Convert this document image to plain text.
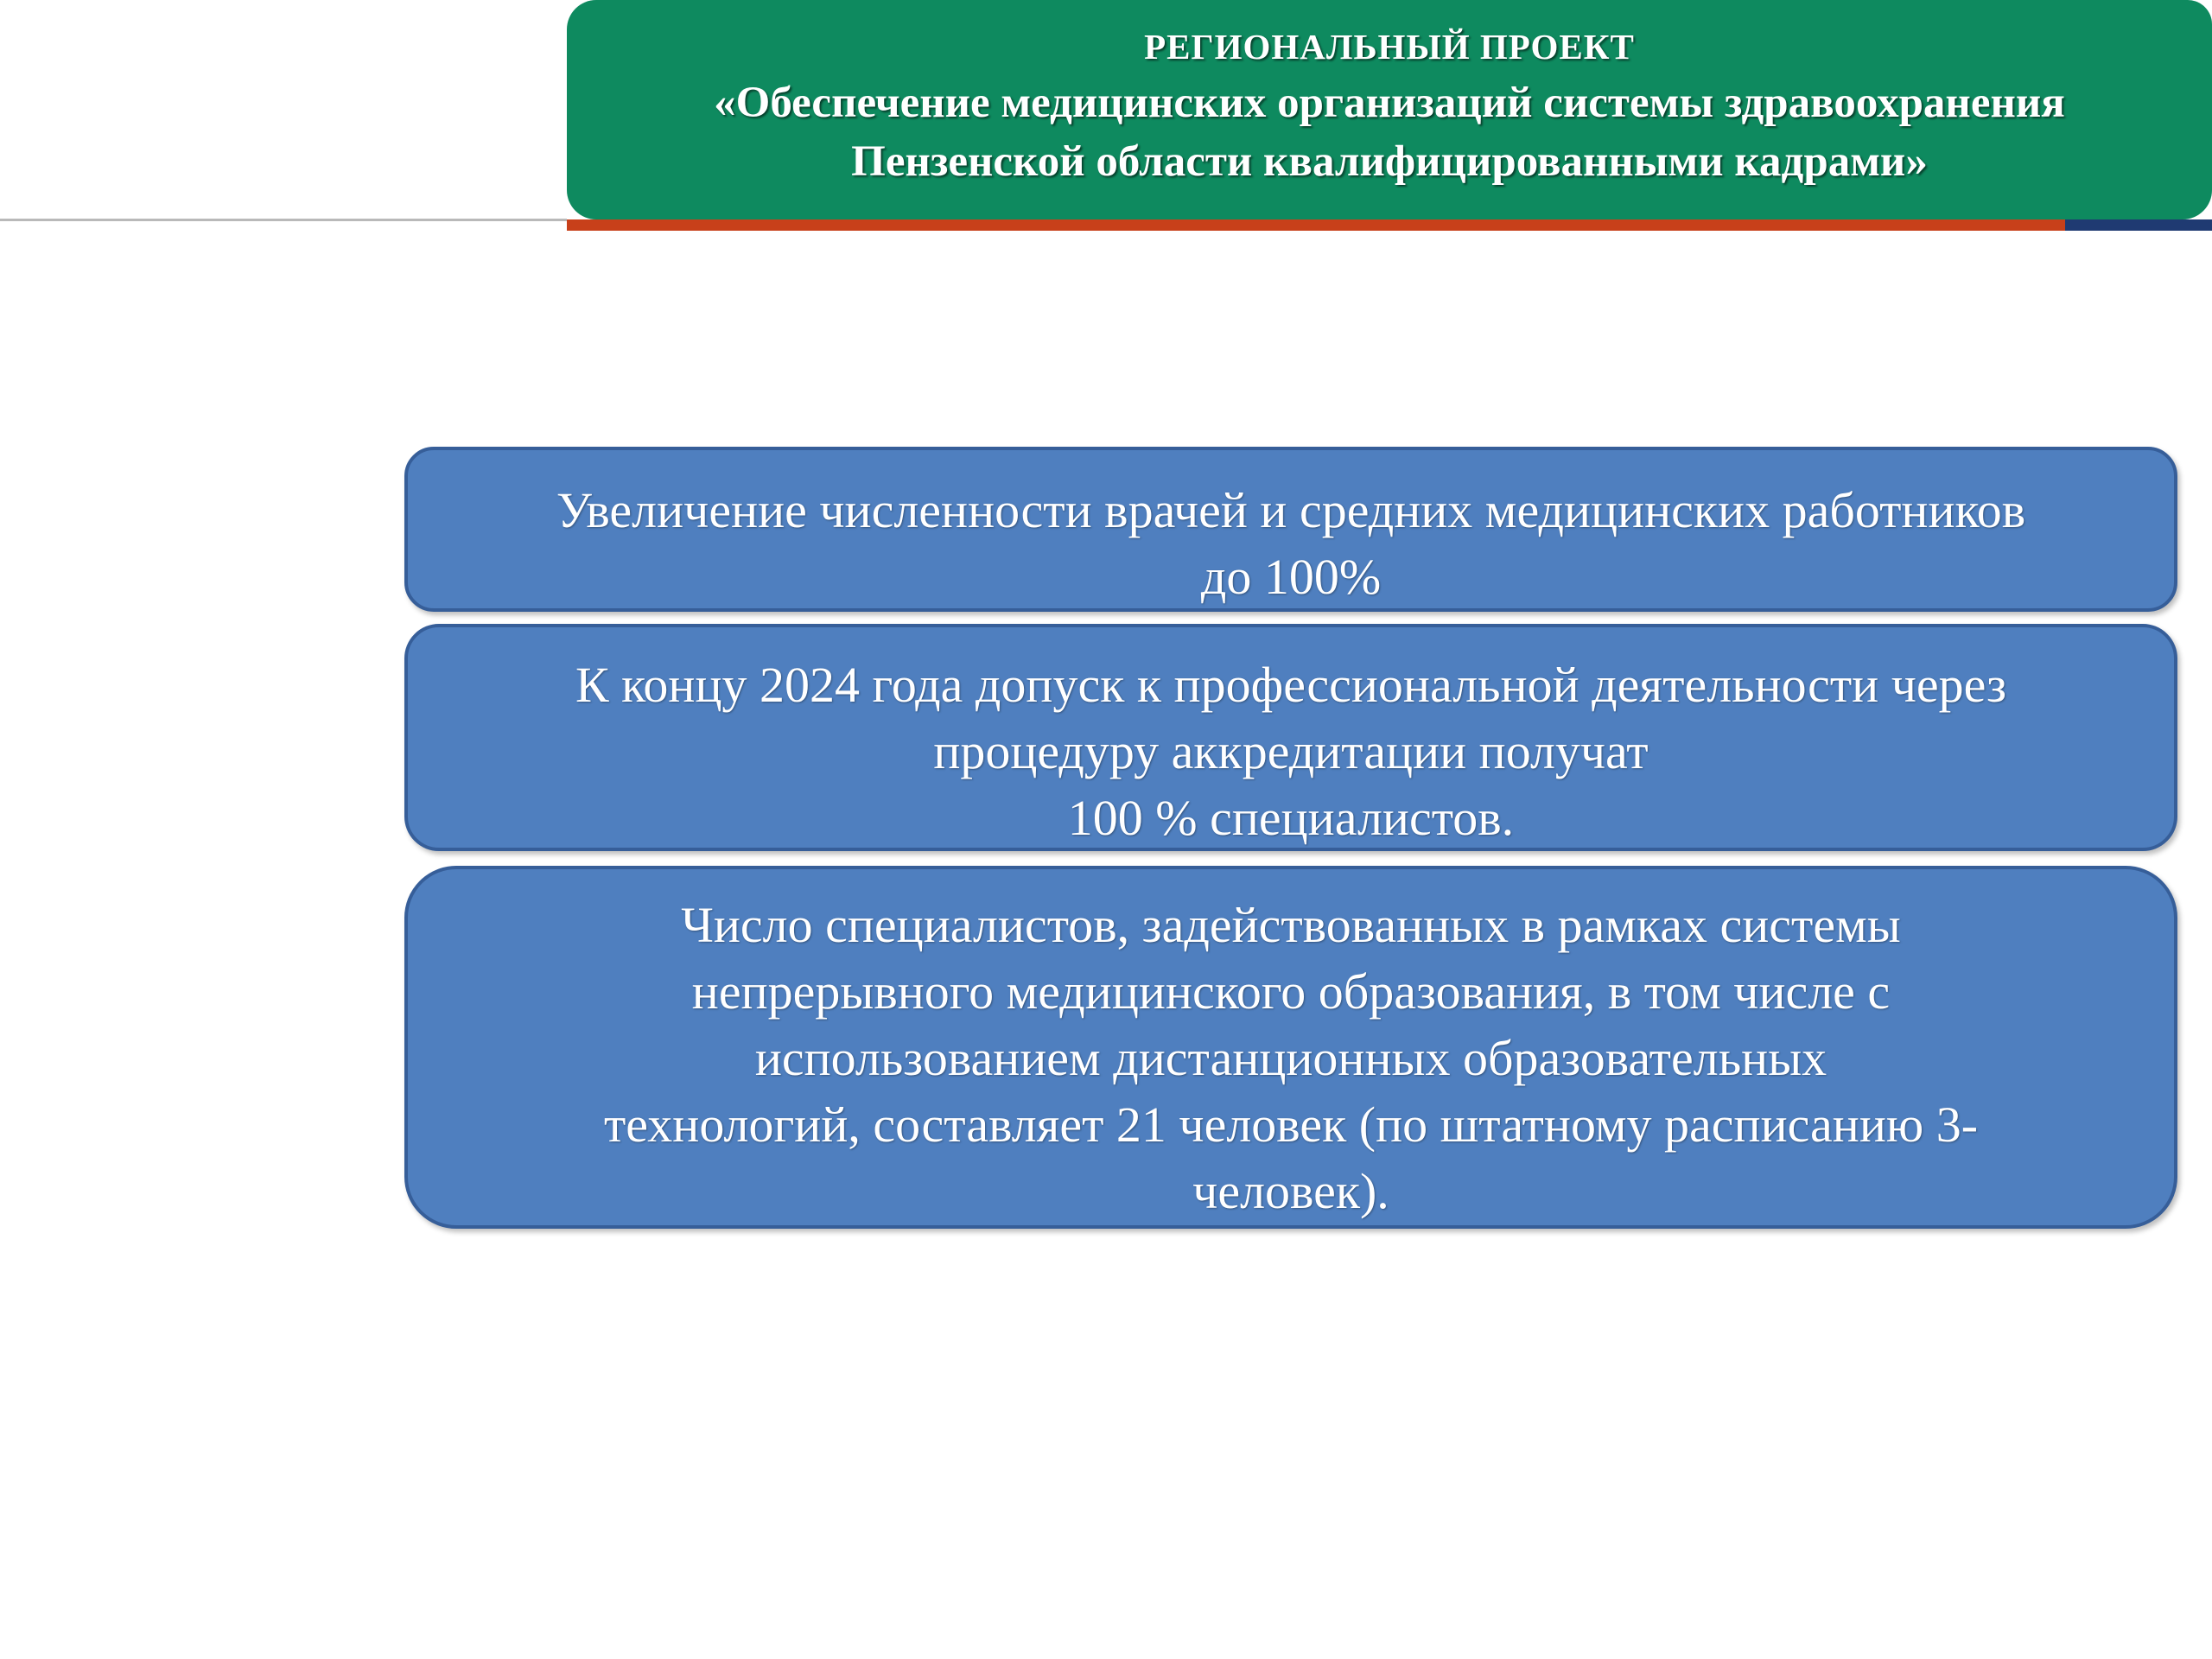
РЕГИОНАЛЬНЫЙ ПРОЕКТ
«Обеспечение медицинских организаций системы здравоохранения Пензенской области квалифицированными кадрами»
Увеличение численности врачей и средних медицинских работников
до 100%
К концу 2024 года допуск к профессиональной деятельности через
процедуру аккредитации получат
100 % специалистов.
Число специалистов, задействованных в рамках системы
непрерывного медицинского образования, в том числе с
использованием дистанционных образовательных
технологий, составляет 21 человек (по штатному расписанию 3-
человек).
